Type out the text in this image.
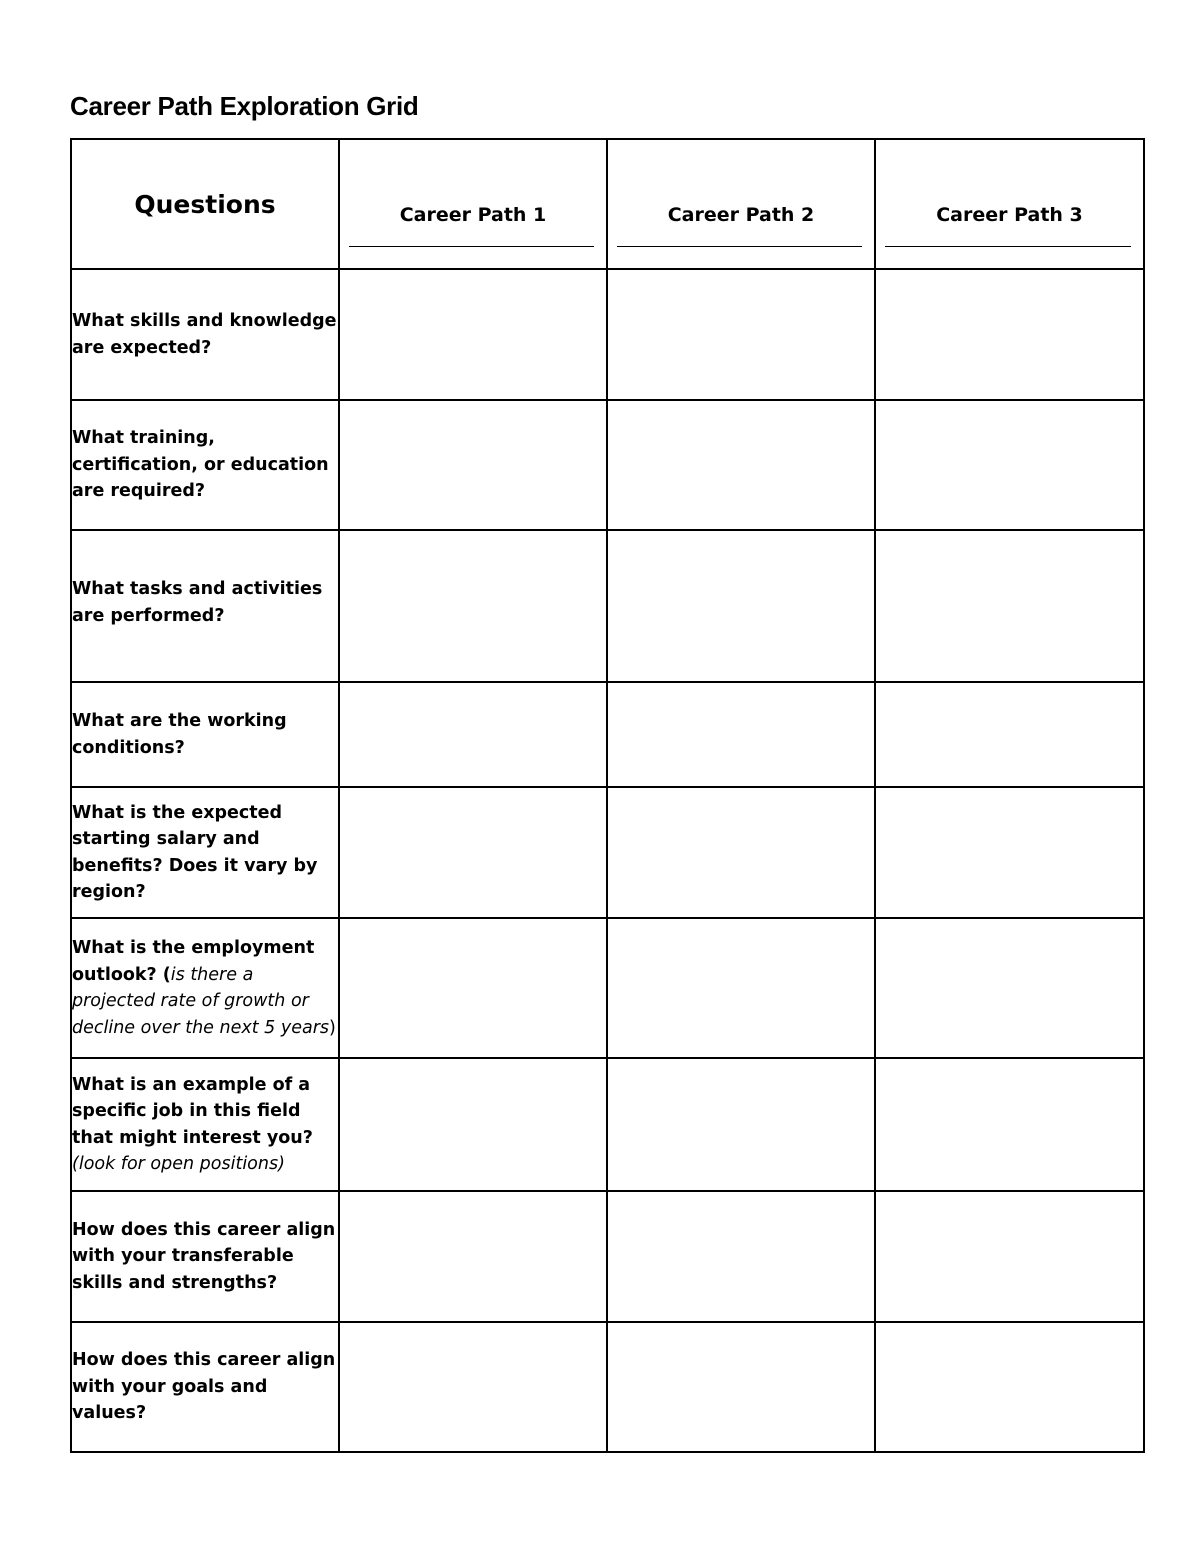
Career Path Exploration Grid
Questions	Career Path 1	Career Path 2	Career Path 3

What skills and knowledge are expected?			
What training, certification, or education are required?			
What tasks and activities are performed?			
What are the working conditions?			
What is the expected starting salary and benefits? Does it vary by region?			
What is the employment outlook? (is there a projected rate of growth or decline over the next 5 years)			
What is an example of a specific job in this field that might interest you? (look for open positions)			
How does this career align with your transferable skills and strengths?			
How does this career align with your goals and values?			
